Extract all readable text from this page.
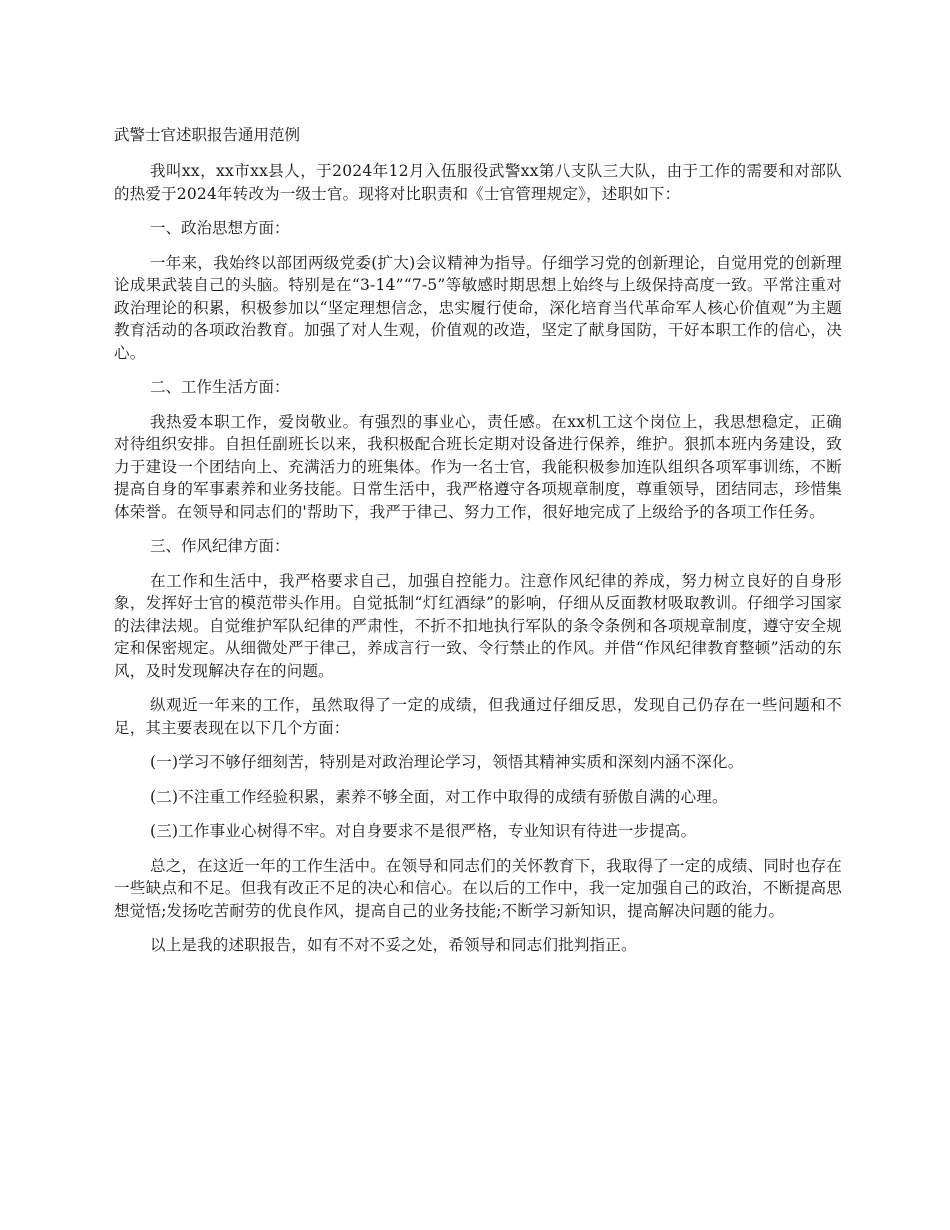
武警士官述职报告通用范例

我叫xx，xx市xx县人，于2024年12月入伍服役武警xx第八支队三大队，由于工作的需要和对部队的热爱于2024年转改为一级士官。现将对比职责和《士官管理规定》，述职如下：

一、政治思想方面：

一年来，我始终以部团两级党委(扩大)会议精神为指导。仔细学习党的创新理论，自觉用党的创新理论成果武装自己的头脑。特别是在“3-14”“7-5”等敏感时期思想上始终与上级保持高度一致。平常注重对政治理论的积累，积极参加以“坚定理想信念，忠实履行使命，深化培育当代革命军人核心价值观”为主题教育活动的各项政治教育。加强了对人生观，价值观的改造，坚定了献身国防，干好本职工作的信心，决心。

二、工作生活方面：

我热爱本职工作，爱岗敬业。有强烈的事业心，责任感。在xx机工这个岗位上，我思想稳定，正确对待组织安排。自担任副班长以来，我积极配合班长定期对设备进行保养，维护。狠抓本班内务建设，致力于建设一个团结向上、充满活力的班集体。作为一名士官，我能积极参加连队组织各项军事训练，不断提高自身的军事素养和业务技能。日常生活中，我严格遵守各项规章制度，尊重领导，团结同志，珍惜集体荣誉。在领导和同志们的'帮助下，我严于律己、努力工作，很好地完成了上级给予的各项工作任务。

三、作风纪律方面：

在工作和生活中，我严格要求自己，加强自控能力。注意作风纪律的养成，努力树立良好的自身形象，发挥好士官的模范带头作用。自觉抵制“灯红酒绿”的影响，仔细从反面教材吸取教训。仔细学习国家的法律法规。自觉维护军队纪律的严肃性，不折不扣地执行军队的条令条例和各项规章制度，遵守安全规定和保密规定。从细微处严于律己，养成言行一致、令行禁止的作风。并借“作风纪律教育整顿”活动的东风，及时发现解决存在的问题。

纵观近一年来的工作，虽然取得了一定的成绩，但我通过仔细反思，发现自己仍存在一些问题和不足，其主要表现在以下几个方面：

(一)学习不够仔细刻苦，特别是对政治理论学习，领悟其精神实质和深刻内涵不深化。

(二)不注重工作经验积累，素养不够全面，对工作中取得的成绩有骄傲自满的心理。

(三)工作事业心树得不牢。对自身要求不是很严格，专业知识有待进一步提高。

总之，在这近一年的工作生活中。在领导和同志们的关怀教育下，我取得了一定的成绩、同时也存在一些缺点和不足。但我有改正不足的决心和信心。在以后的工作中，我一定加强自己的政治，不断提高思想觉悟;发扬吃苦耐劳的优良作风，提高自己的业务技能;不断学习新知识，提高解决问题的能力。

以上是我的述职报告，如有不对不妥之处，希领导和同志们批判指正。
